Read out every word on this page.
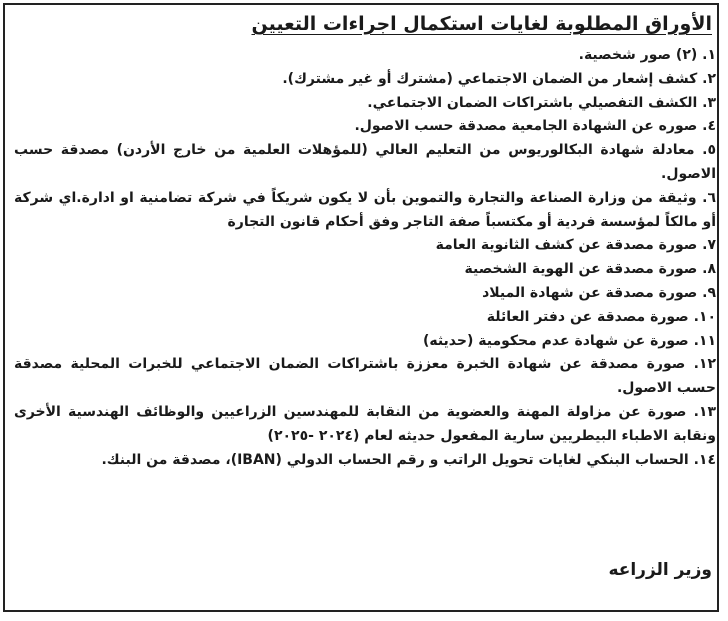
الأوراق المطلوبة لغايات استكمال اجراءات التعيين
١. (٢) صور شخصية.
٢. كشف إشعار من الضمان الاجتماعي (مشترك أو غير مشترك).
٣. الكشف التفصيلي باشتراكات الضمان الاجتماعي.
٤. صوره عن الشهادة الجامعية مصدقة حسب الاصول.
٥. معادلة شهادة البكالوريوس من التعليم العالي (للمؤهلات العلمية من خارج الأردن) مصدقة حسب الاصول.
٦. وثيقة من وزارة الصناعة والتجارة والتموين بأن لا يكون شريكاً في شركة تضامنية او ادارة.اي شركة أو مالكاً لمؤسسة فردية أو مكتسباً صفة التاجر وفق أحكام قانون التجارة
٧. صورة مصدقة عن كشف الثانوية العامة
٨. صورة مصدقة عن الهوية الشخصية
٩. صورة مصدقة عن شهادة الميلاد
١٠. صورة مصدقة عن دفتر العائلة
١١. صورة عن شهادة عدم محكومية (حديثه)
١٢. صورة مصدقة عن شهادة الخبرة معززة باشتراكات الضمان الاجتماعي للخبرات المحلية مصدقة حسب الاصول.
١٣. صورة عن مزاولة المهنة والعضوية من النقابة للمهندسين الزراعيين والوظائف الهندسية الأخرى ونقابة الاطباء البيطريين سارية المفعول حديثه لعام (٢٠٢٤ -٢٠٢٥)
١٤. الحساب البنكي لغايات تحويل الراتب و رقم الحساب الدولي (IBAN)، مصدقة من البنك.
وزير الزراعه
